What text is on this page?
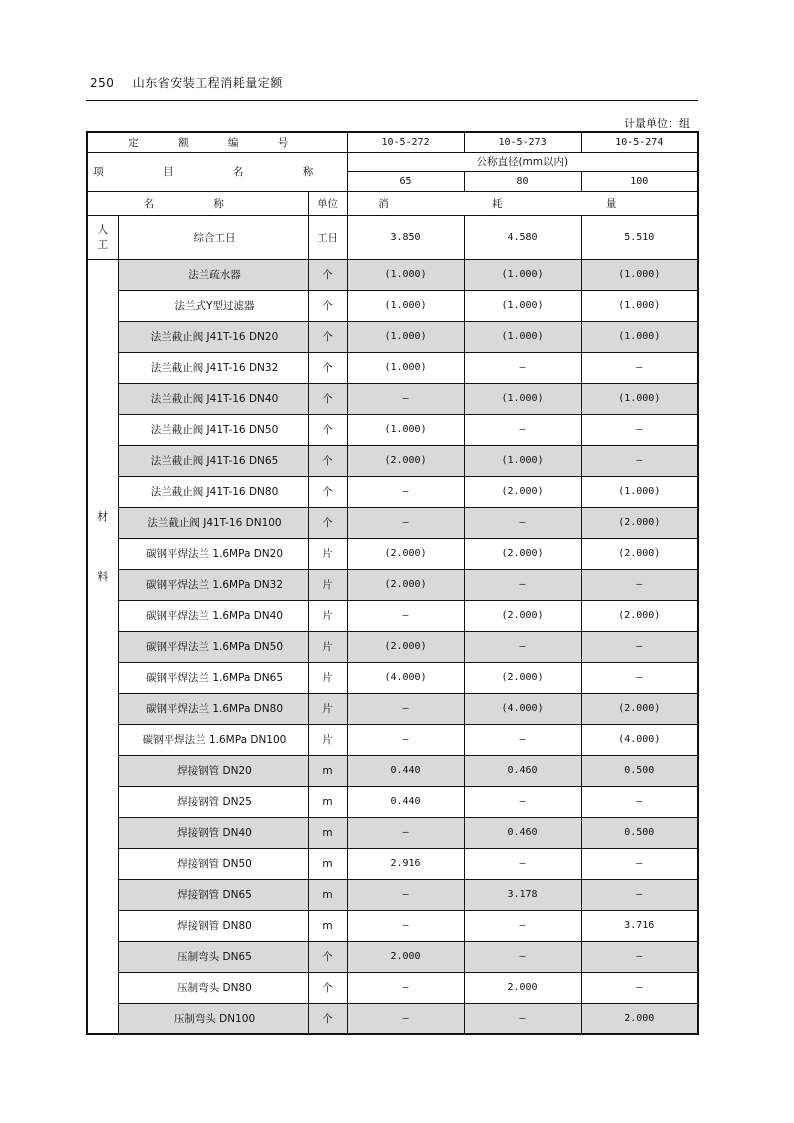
250 山东省安装工程消耗量定额
计量单位：组
定 额 编 号			10-5-272	10-5-273	10-5-274
项 目 名 称			公称直径(mm以内)		
			65	80	100
名 称		单位	消 耗 量		
人
工	综合工日	工日	3.850	4.580	5.510
材	法兰疏水器	个	(1.000)	(1.000)	(1.000)
	法兰式Y型过滤器	个	(1.000)	(1.000)	(1.000)
	法兰截止阀 J41T-16 DN20	个	(1.000)	(1.000)	(1.000)
	法兰截止阀 J41T-16 DN32	个	(1.000)	—	—
	法兰截止阀 J41T-16 DN40	个	—	(1.000)	(1.000)
	法兰截止阀 J41T-16 DN50	个	(1.000)	—	—
	法兰截止阀 J41T-16 DN65	个	(2.000)	(1.000)	—
	法兰截止阀 J41T-16 DN80	个	—	(2.000)	(1.000)
	法兰截止阀 J41T-16 DN100	个	—	—	(2.000)
料	碳钢平焊法兰 1.6MPa DN20	片	(2.000)	(2.000)	(2.000)
	碳钢平焊法兰 1.6MPa DN32	片	(2.000)	—	—
	碳钢平焊法兰 1.6MPa DN40	片	—	(2.000)	(2.000)
	碳钢平焊法兰 1.6MPa DN50	片	(2.000)	—	—
	碳钢平焊法兰 1.6MPa DN65	片	(4.000)	(2.000)	—
	碳钢平焊法兰 1.6MPa DN80	片	—	(4.000)	(2.000)
	碳钢平焊法兰 1.6MPa DN100	片	—	—	(4.000)
	焊接钢管 DN20	m	0.440	0.460	0.500
	焊接钢管 DN25	m	0.440	—	—
	焊接钢管 DN40	m	—	0.460	0.500
	焊接钢管 DN50	m	2.916	—	—
	焊接钢管 DN65	m	—	3.178	—
	焊接钢管 DN80	m	—	—	3.716
	压制弯头 DN65	个	2.000	—	—
	压制弯头 DN80	个	—	2.000	—
	压制弯头 DN100	个	—	—	2.000
